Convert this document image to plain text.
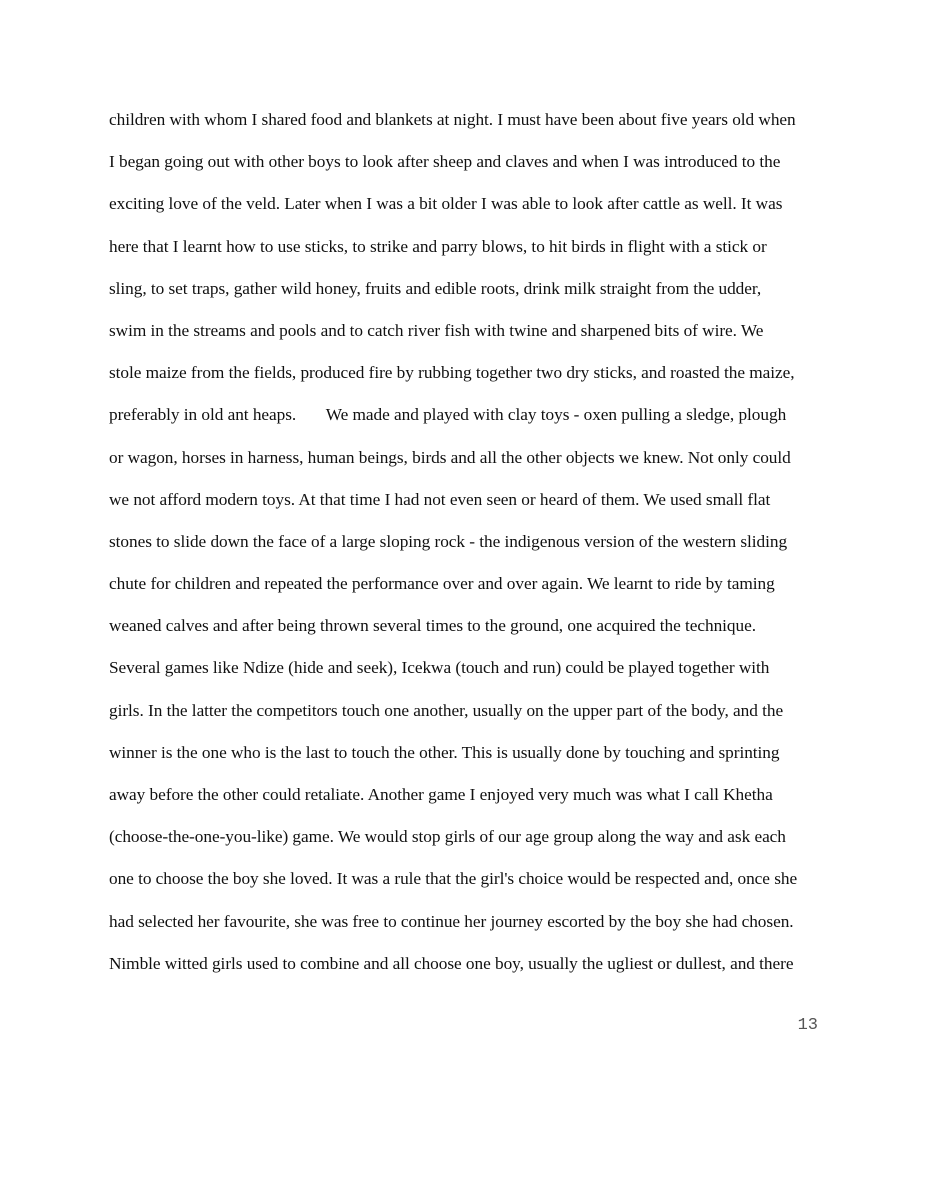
children with whom I shared food and blankets at night. I must have been about five years old when
I began going out with other boys to look after sheep and claves and when I was introduced to the
exciting love of the veld. Later when I was a bit older I was able to look after cattle as well. It was
here that I learnt how to use sticks, to strike and parry blows, to hit birds in flight with a stick or
sling, to set traps, gather wild honey, fruits and edible roots, drink milk straight from the udder,
swim in the streams and pools and to catch river fish with twine and sharpened bits of wire. We
stole maize from the fields, produced fire by rubbing together two dry sticks, and roasted the maize,
preferably in old ant heaps.       We made and played with clay toys - oxen pulling a sledge, plough
or wagon, horses in harness, human beings, birds and all the other objects we knew. Not only could
we not afford modern toys. At that time I had not even seen or heard of them. We used small flat
stones to slide down the face of a large sloping rock - the indigenous version of the western sliding
chute for children and repeated the performance over and over again. We learnt to ride by taming
weaned calves and after being thrown several times to the ground, one acquired the technique.
Several games like Ndize (hide and seek), Icekwa (touch and run) could be played together with
girls. In the latter the competitors touch one another, usually on the upper part of the body, and the
winner is the one who is the last to touch the other. This is usually done by touching and sprinting
away before the other could retaliate. Another game I enjoyed very much was what I call Khetha
(choose-the-one-you-like) game. We would stop girls of our age group along the way and ask each
one to choose the boy she loved. It was a rule that the girl's choice would be respected and, once she
had selected her favourite, she was free to continue her journey escorted by the boy she had chosen.
Nimble witted girls used to combine and all choose one boy, usually the ugliest or dullest, and there
13
